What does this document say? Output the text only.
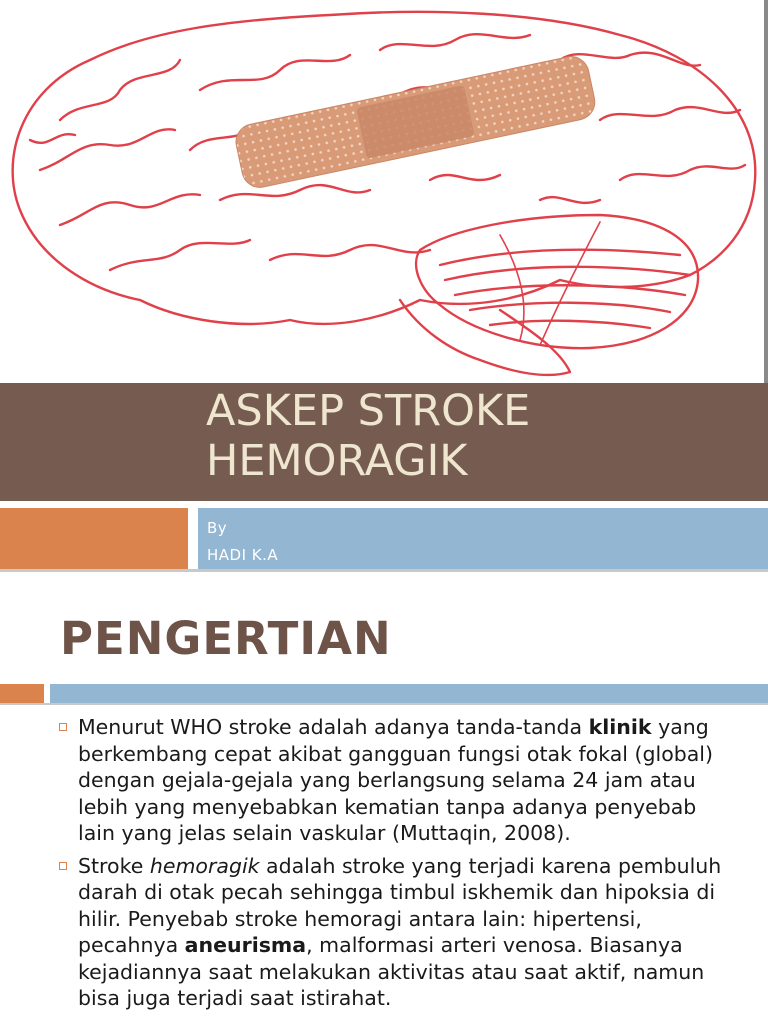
ASKEP STROKE
HEMORAGIK
By
HADI K.A
PENGERTIAN
Menurut WHO stroke adalah adanya tanda-tanda klinik yang berkembang cepat akibat gangguan fungsi otak fokal (global) dengan gejala-gejala yang berlangsung selama 24 jam atau lebih yang menyebabkan kematian tanpa adanya penyebab lain yang jelas selain vaskular (Muttaqin, 2008).
Stroke hemoragik adalah stroke yang terjadi karena pembuluh darah di otak pecah sehingga timbul iskhemik dan hipoksia di hilir. Penyebab stroke hemoragi antara lain: hipertensi, pecahnya aneurisma, malformasi arteri venosa. Biasanya kejadiannya saat melakukan aktivitas atau saat aktif, namun bisa juga terjadi saat istirahat.
